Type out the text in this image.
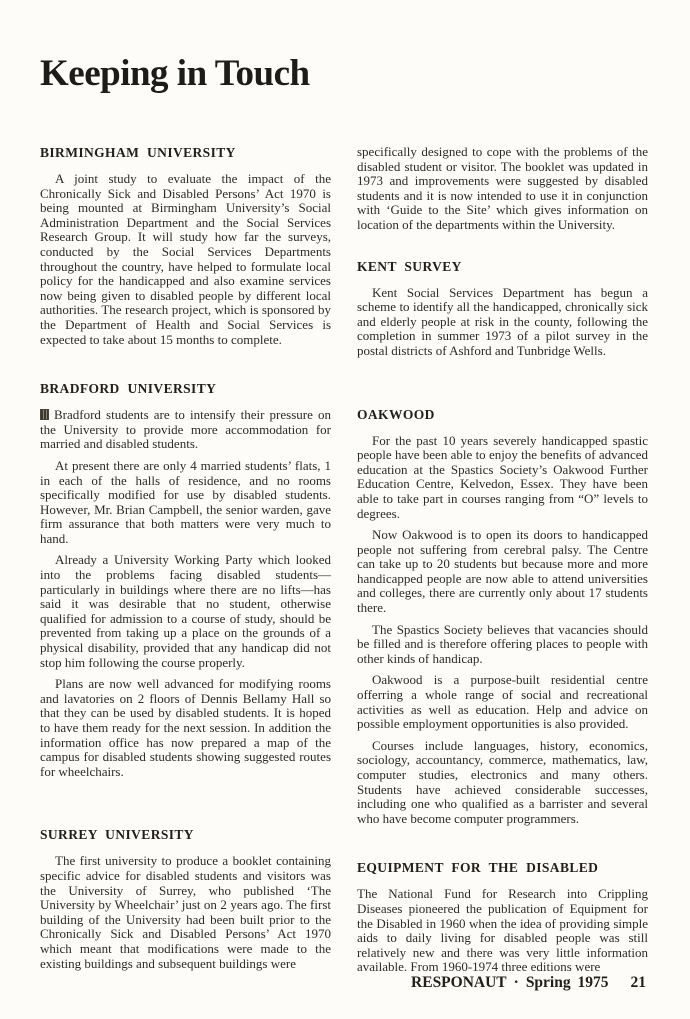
Keeping in Touch
BIRMINGHAM UNIVERSITY

A joint study to evaluate the impact of the Chronically Sick and Disabled Persons’ Act 1970 is being mounted at Birmingham University’s Social Administration Department and the Social Services Research Group. It will study how far the surveys, conducted by the Social Services Departments throughout the country, have helped to formulate local policy for the handicapped and also examine services now being given to disabled people by different local authorities. The research project, which is sponsored by the Department of Health and Social Services is expected to take about 15 months to complete.

BRADFORD UNIVERSITY

Bradford students are to intensify their pressure on the University to provide more accommodation for married and disabled students.

At present there are only 4 married students’ flats, 1 in each of the halls of residence, and no rooms specifically modified for use by disabled students. However, Mr. Brian Campbell, the senior warden, gave firm assurance that both matters were very much to hand.

Already a University Working Party which looked into the problems facing disabled students—particularly in buildings where there are no lifts—has said it was desirable that no student, otherwise qualified for admission to a course of study, should be prevented from taking up a place on the grounds of a physical disability, provided that any handicap did not stop him following the course properly.

Plans are now well advanced for modifying rooms and lavatories on 2 floors of Dennis Bellamy Hall so that they can be used by disabled students. It is hoped to have them ready for the next session. In addition the information office has now prepared a map of the campus for disabled students showing suggested routes for wheelchairs.

SURREY UNIVERSITY

The first university to produce a booklet containing specific advice for disabled students and visitors was the University of Surrey, who published ‘The University by Wheelchair’ just on 2 years ago. The first building of the University had been built prior to the Chronically Sick and Disabled Persons’ Act 1970 which meant that modifications were made to the existing buildings and subsequent buildings were

specifically designed to cope with the problems of the disabled student or visitor. The booklet was updated in 1973 and improvements were suggested by disabled students and it is now intended to use it in conjunction with ‘Guide to the Site’ which gives information on location of the departments within the University.

KENT SURVEY

Kent Social Services Department has begun a scheme to identify all the handicapped, chronically sick and elderly people at risk in the county, following the completion in summer 1973 of a pilot survey in the postal districts of Ashford and Tunbridge Wells.

OAKWOOD

For the past 10 years severely handicapped spastic people have been able to enjoy the benefits of advanced education at the Spastics Society’s Oakwood Further Education Centre, Kelvedon, Essex. They have been able to take part in courses ranging from “O” levels to degrees.

Now Oakwood is to open its doors to handicapped people not suffering from cerebral palsy. The Centre can take up to 20 students but because more and more handicapped people are now able to attend universities and colleges, there are currently only about 17 students there.

The Spastics Society believes that vacancies should be filled and is therefore offering places to people with other kinds of handicap.

Oakwood is a purpose-built residential centre offerring a whole range of social and recreational activities as well as education. Help and advice on possible employment opportunities is also provided.

Courses include languages, history, economics, sociology, accountancy, commerce, mathematics, law, computer studies, electronics and many others. Students have achieved considerable successes, including one who qualified as a barrister and several who have become computer programmers.

EQUIPMENT FOR THE DISABLED

The National Fund for Research into Crippling Diseases pioneered the publication of Equipment for the Disabled in 1960 when the idea of providing simple aids to daily living for disabled people was still relatively new and there was very little information available. From 1960-1974 three editions were

RESPONAUT · Spring 1975 21
